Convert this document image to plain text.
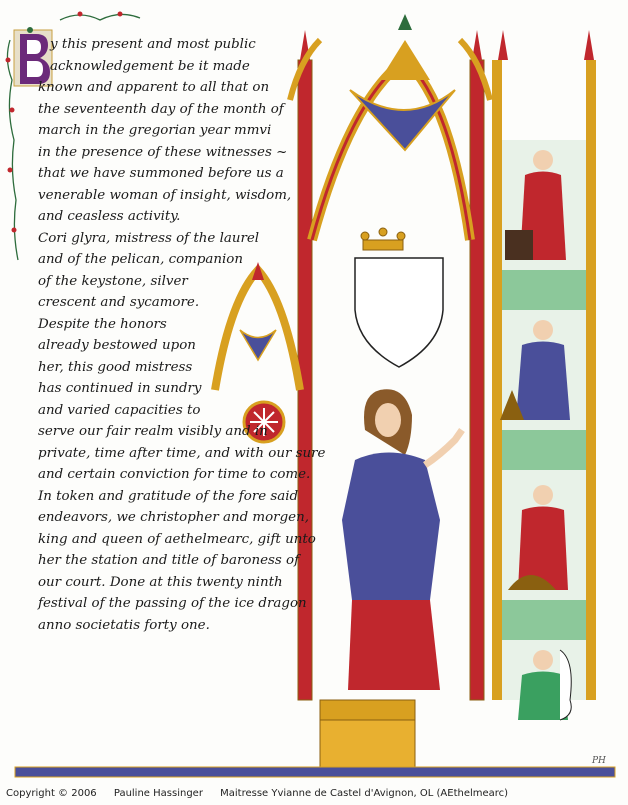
PH
y this present and most public
acknowledgement be it made
known and apparent to all that on
the seventeenth day of the month of
march in the gregorian year mmvi
in the presence of these witnesses ~
that we have summoned before us a
venerable woman of insight, wisdom,
and ceasless activity.
Cori glyra, mistress of the laurel
and of the pelican, companion
of the keystone, silver
crescent and sycamore.
Despite the honors
already bestowed upon
her, this good mistress
has continued in sundry
and varied capacities to
serve our fair realm visibly and in
private, time after time, and with our sure
and certain conviction for time to come.
In token and gratitude of the fore said
endeavors, we christopher and morgen,
king and queen of aethelmearc, gift unto
her the station and title of baroness of
our court. Done at this twenty ninth
festival of the passing of the ice dragon
anno societatis forty one.
Copyright © 2006 Pauline Hassinger Maitresse Yvianne de Castel d'Avignon, OL (AEthelmearc)
